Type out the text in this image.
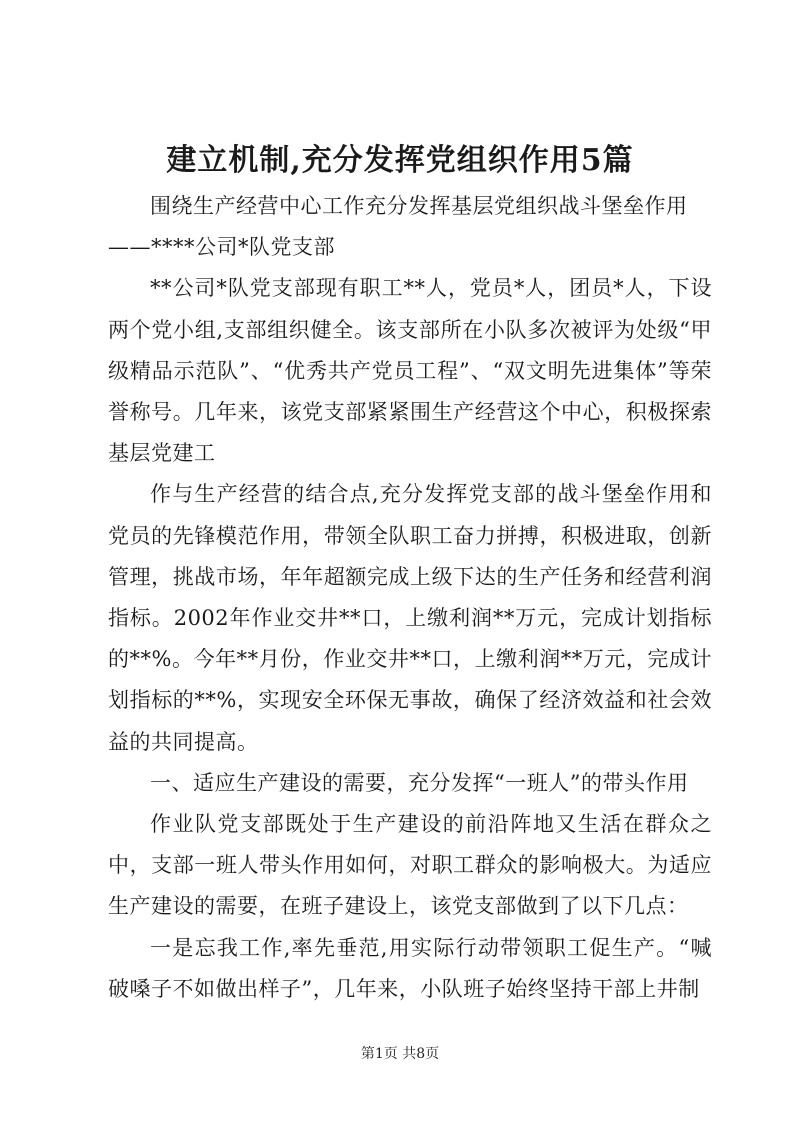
建立机制,充分发挥党组织作用5篇

围绕生产经营中心工作充分发挥基层党组织战斗堡垒作用

——****公司*队党支部

**公司*队党支部现有职工**人，党员*人，团员*人，下设两个党小组,支部组织健全。该支部所在小队多次被评为处级“甲级精品示范队”、“优秀共产党员工程”、“双文明先进集体”等荣誉称号。几年来，该党支部紧紧围生产经营这个中心，积极探索基层党建工

作与生产经营的结合点,充分发挥党支部的战斗堡垒作用和党员的先锋模范作用，带领全队职工奋力拼搏，积极进取，创新管理，挑战市场，年年超额完成上级下达的生产任务和经营利润指标。2002年作业交井**口，上缴利润**万元，完成计划指标的**%。今年**月份，作业交井**口，上缴利润**万元，完成计划指标的**%，实现安全环保无事故，确保了经济效益和社会效益的共同提高。

一、适应生产建设的需要，充分发挥“一班人”的带头作用

作业队党支部既处于生产建设的前沿阵地又生活在群众之中，支部一班人带头作用如何，对职工群众的影响极大。为适应生产建设的需要，在班子建设上，该党支部做到了以下几点：

一是忘我工作,率先垂范,用实际行动带领职工促生产。“喊破嗓子不如做出样子”，几年来，小队班子始终坚持干部上井制

第1页 共8页
